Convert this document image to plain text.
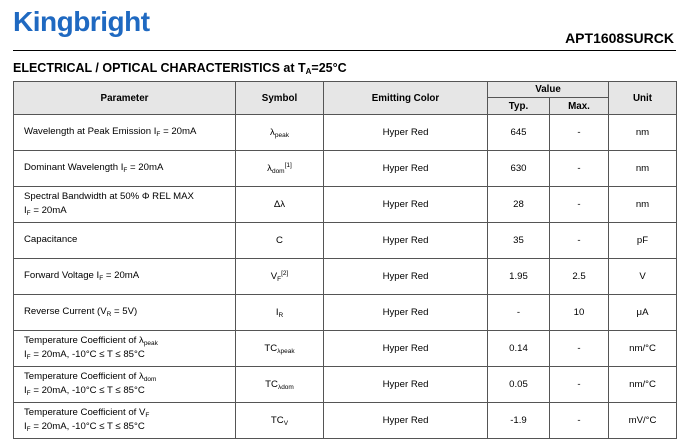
Kingbright
APT1608SURCK
ELECTRICAL / OPTICAL CHARACTERISTICS at $T_A=25^\circ C$
Parameter	Symbol	Emitting Color	Value		Unit
			Typ.	Max.	
Wavelength at Peak Emission $I_F = 20mA$	$\lambda_{peak}$	Hyper Red	645	-	nm
Dominant Wavelength $I_F = 20mA$	$\lambda_{dom}[1]$	Hyper Red	630	-	nm
Spectral Bandwidth at 50% Φ REL MAX
$I_F = 20mA$	Δλ	Hyper Red	28	-	nm
Capacitance	C	Hyper Red	35	-	pF
Forward Voltage $I_F = 20mA$	$V_F[2]$	Hyper Red	1.95	2.5	V
Reverse Current $(V_R = 5V)$	$I_R$	Hyper Red	-	10	μA
Temperature Coefficient of $\lambda_{peak}$
$I_F = 20mA$, -10°C ≤ T ≤ 85°C	$TC_{\lambda peak}$	Hyper Red	0.14	-	nm/°C
Temperature Coefficient of $\lambda_{dom}$
$I_F = 20mA$, -10°C ≤ T ≤ 85°C	$TC_{\lambda dom}$	Hyper Red	0.05	-	nm/°C
Temperature Coefficient of $V_F$
$I_F = 20mA$, -10°C ≤ T ≤ 85°C	$TC_V$	Hyper Red	-1.9	-	mV/°C
